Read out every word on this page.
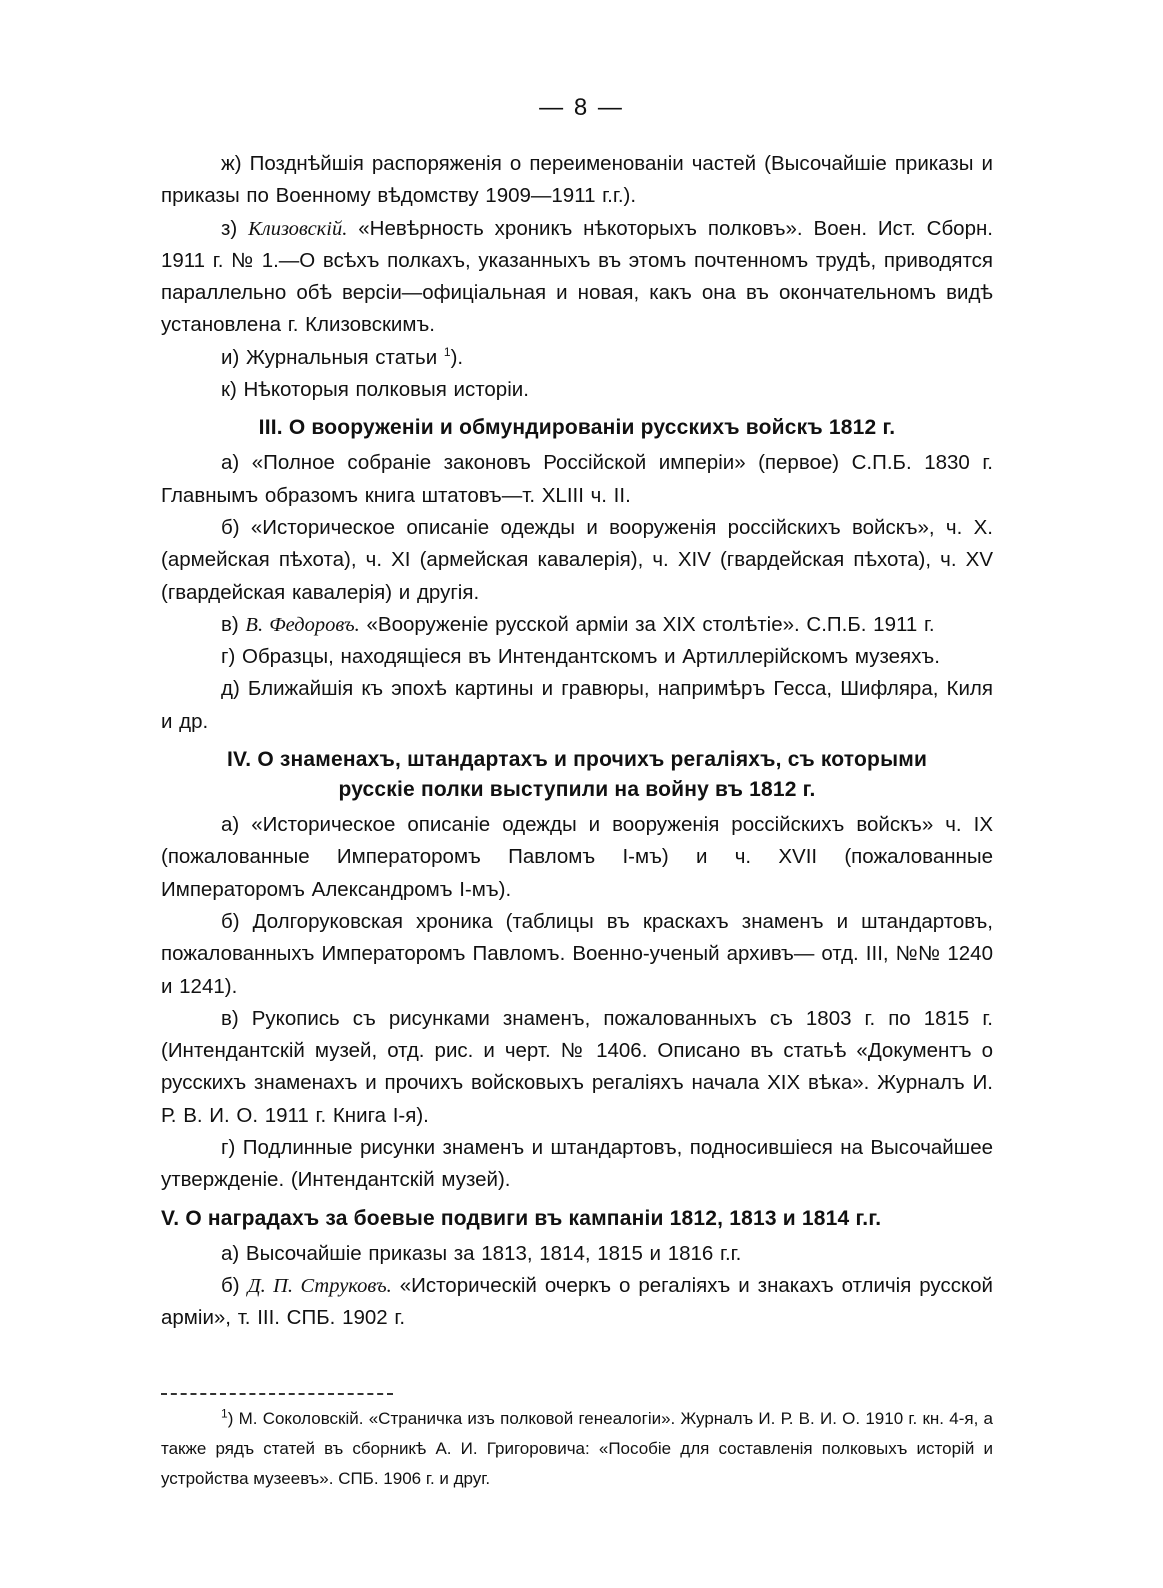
— 8 —

ж) Позднѣйшія распоряженія о переименованіи частей (Высочайшіе приказы и приказы по Военному вѣдомству 1909—1911 г.г.).

з) Клизовскій. «Невѣрность хроникъ нѣкоторыхъ полковъ». Воен. Ист. Сборн. 1911 г. № 1.—О всѣхъ полкахъ, указанныхъ въ этомъ почтенномъ трудѣ, приводятся параллельно обѣ версіи—офиціальная и новая, какъ она въ окончательномъ видѣ установлена г. Клизовскимъ.

и) Журнальныя статьи $^1$).

к) Нѣкоторыя полковыя исторіи.

III. О вооруженіи и обмундированіи русскихъ войскъ 1812 г.

а) «Полное собраніе законовъ Россійской имперіи» (первое) С.П.Б. 1830 г. Главнымъ образомъ книга штатовъ—т. XLIII ч. II.

б) «Историческое описаніе одежды и вооруженія россійскихъ войскъ», ч. X. (армейская пѣхота), ч. XI (армейская кавалерія), ч. XIV (гвардейская пѣхота), ч. XV (гвардейская кавалерія) и другія.

в) В. Федоровъ. «Вооруженіе русской арміи за XIX столѣтіе». С.П.Б. 1911 г.

г) Образцы, находящіеся въ Интендантскомъ и Артиллерійскомъ музеяхъ.

д) Ближайшія къ эпохѣ картины и гравюры, напримѣръ Гесса, Шифляра, Киля и др.

IV. О знаменахъ, штандартахъ и прочихъ регаліяхъ, съ которыми
русскіе полки выступили на войну въ 1812 г.

а) «Историческое описаніе одежды и вооруженія россійскихъ войскъ» ч. IX (пожалованные Императоромъ Павломъ I-мъ) и ч. XVII (пожалованные Императоромъ Александромъ I-мъ).

б) Долгоруковская хроника (таблицы въ краскахъ знаменъ и штандартовъ, пожалованныхъ Императоромъ Павломъ. Военно-ученый архивъ— отд. III, №№ 1240 и 1241).

в) Рукопись съ рисунками знаменъ, пожалованныхъ съ 1803 г. по 1815 г. (Интендантскій музей, отд. рис. и черт. № 1406. Описано въ статьѣ «Документъ о русскихъ знаменахъ и прочихъ войсковыхъ регаліяхъ начала XIX вѣка». Журналъ И. Р. В. И. О. 1911 г. Книга I-я).

г) Подлинные рисунки знаменъ и штандартовъ, подносившіеся на Высочайшее утвержденіе. (Интендантскій музей).

V. О наградахъ за боевые подвиги въ кампаніи 1812, 1813 и 1814 г.г.

а) Высочайшіе приказы за 1813, 1814, 1815 и 1816 г.г.

б) Д. П. Струковъ. «Историческій очеркъ о регаліяхъ и знакахъ отличія русской арміи», т. III. СПБ. 1902 г.

$^1$) М. Соколовскій. «Страничка изъ полковой генеалогіи». Журналъ И. Р. В. И. О. 1910 г. кн. 4-я, а также рядъ статей въ сборникѣ А. И. Григоровича: «Пособіе для составленія полковыхъ исторій и устройства музеевъ». СПБ. 1906 г. и друг.
